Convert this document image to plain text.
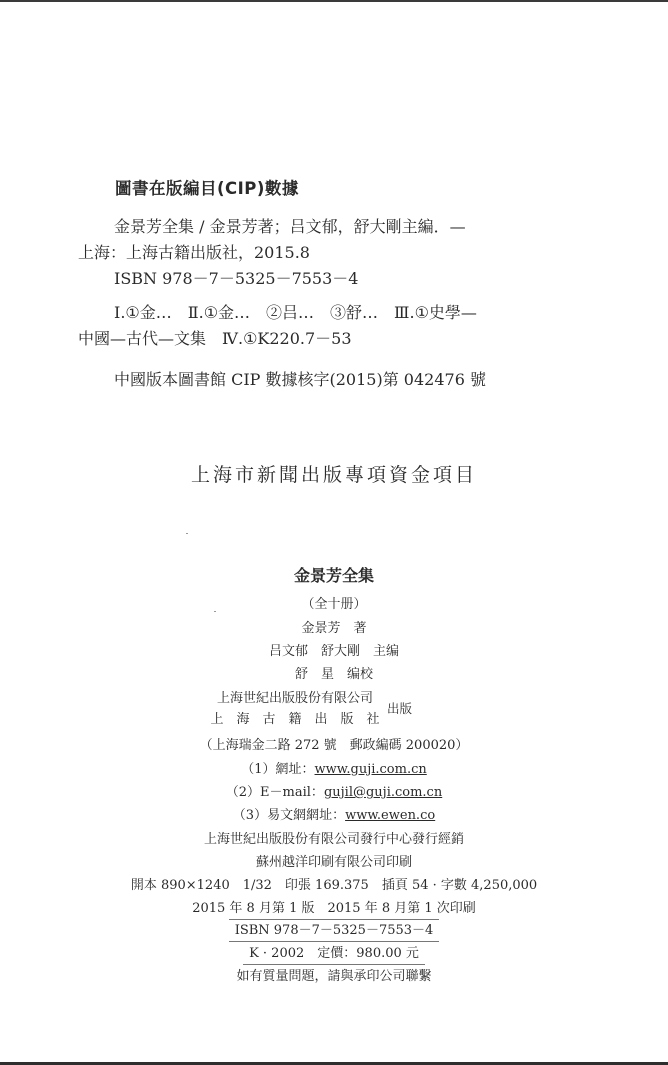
圖書在版編目(CIP)數據
金景芳全集 / 金景芳著；吕文郁，舒大剛主編．—
上海：上海古籍出版社，2015.8
ISBN 978－7－5325－7553－4
Ⅰ.①金…　Ⅱ.①金…　②吕…　③舒…　Ⅲ.①史學—
中國—古代—文集　Ⅳ.①K220.7－53
中國版本圖書館 CIP 數據核字(2015)第 042476 號
上海市新聞出版專項資金項目
金景芳全集
（全十册）
金景芳　著
吕文郁　舒大剛　主编
舒　星　编校
上海世紀出版股份有限公司
上　海　古　籍　出　版　社
出版
（上海瑞金二路 272 號　郵政編碼 200020）
（1）網址：www.guji.com.cn
（2）E－mail：gujil@guji.com.cn
（3）易文網網址：www.ewen.co
上海世紀出版股份有限公司發行中心發行經銷
蘇州越洋印刷有限公司印刷
開本 890×1240　1/32　印張 169.375　插頁 54 · 字數 4,250,000
2015 年 8 月第 1 版　2015 年 8 月第 1 次印刷
ISBN 978－7－5325－7553－4
K · 2002　定價：980.00 元
如有質量問題，請與承印公司聯繫
